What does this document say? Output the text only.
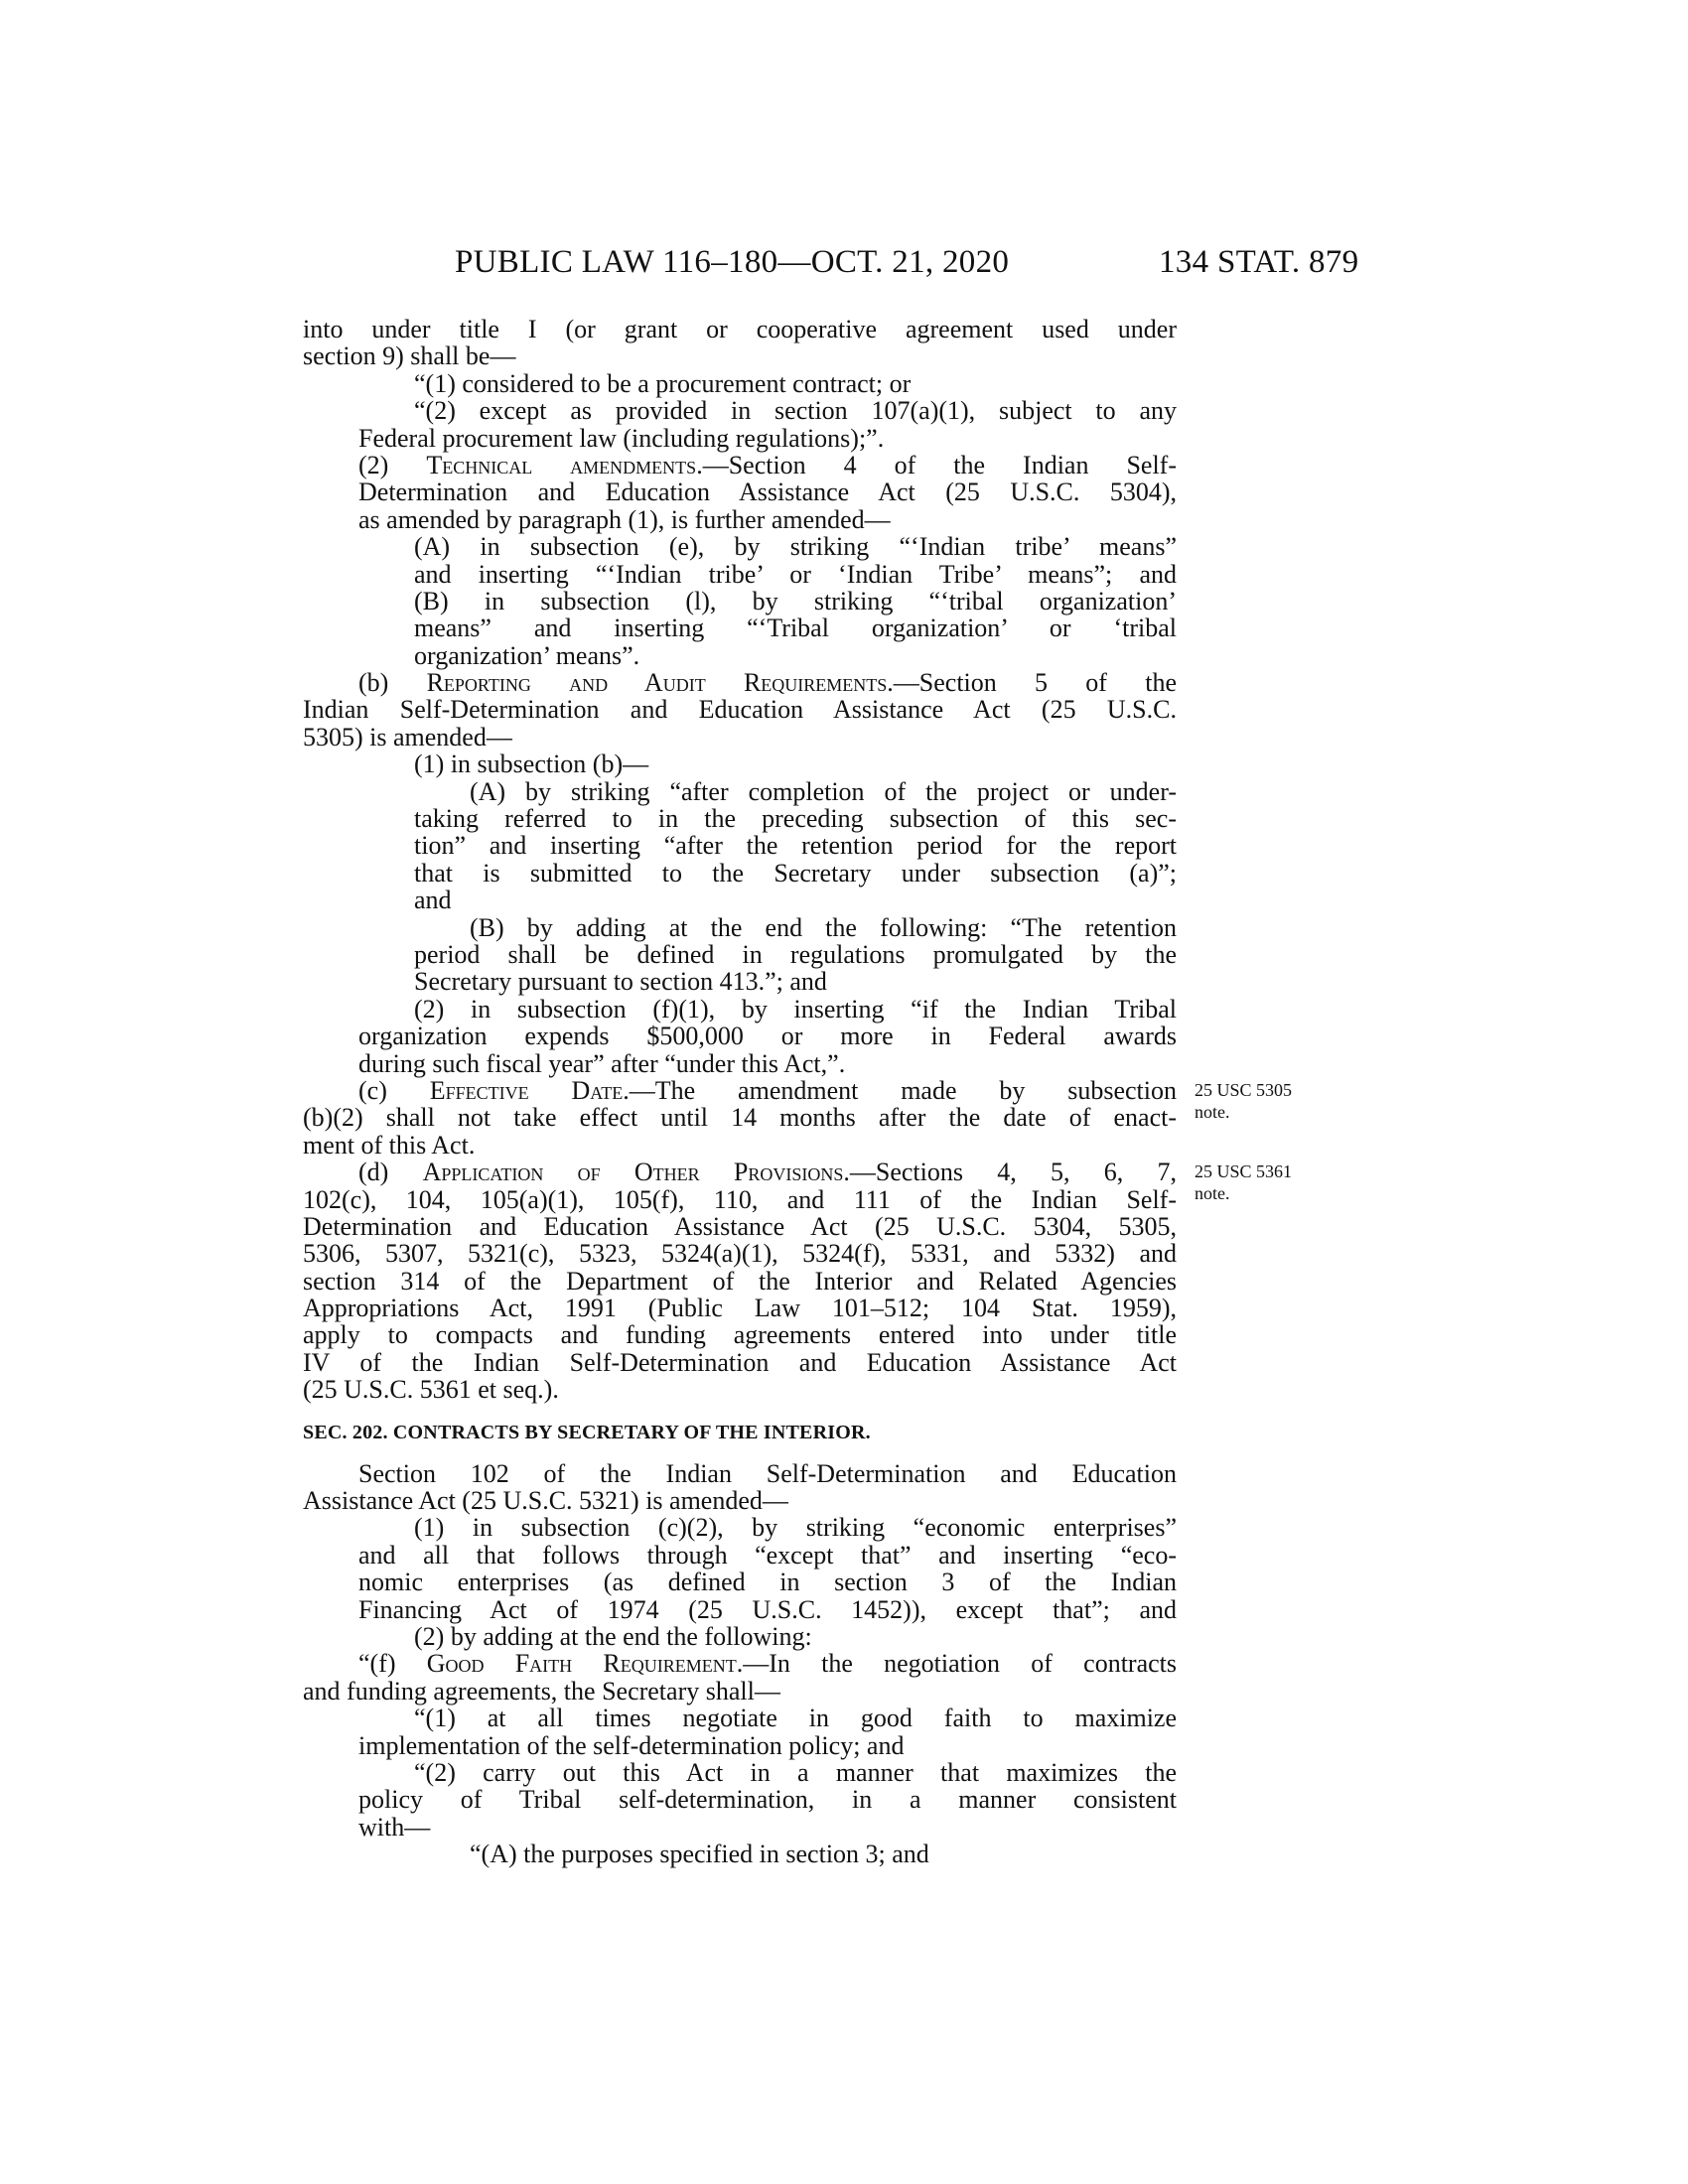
PUBLIC LAW 116–180—OCT. 21, 2020	134 STAT. 879
25 USC 5305
note.
25 USC 5361
note.
into under title I (or grant or cooperative agreement used under
section 9) shall be—
“(1) considered to be a procurement contract; or
“(2) except as provided in section 107(a)(1), subject to any
Federal procurement law (including regulations);”.
(2) Technical amendments.—Section 4 of the Indian Self-
Determination and Education Assistance Act (25 U.S.C. 5304),
as amended by paragraph (1), is further amended—
(A) in subsection (e), by striking “‘Indian tribe’ means”
and inserting “‘Indian tribe’ or ‘Indian Tribe’ means”; and
(B) in subsection (l), by striking “‘tribal organization’
means” and inserting “‘Tribal organization’ or ‘tribal
organization’ means”.
(b) Reporting and Audit Requirements.—Section 5 of the
Indian Self-Determination and Education Assistance Act (25 U.S.C.
5305) is amended—
(1) in subsection (b)—
(A) by striking “after completion of the project or under-
taking referred to in the preceding subsection of this sec-
tion” and inserting “after the retention period for the report
that is submitted to the Secretary under subsection (a)”;
and
(B) by adding at the end the following: “The retention
period shall be defined in regulations promulgated by the
Secretary pursuant to section 413.”; and
(2) in subsection (f)(1), by inserting “if the Indian Tribal
organization expends $500,000 or more in Federal awards
during such fiscal year” after “under this Act,”.
(c) Effective Date.—The amendment made by subsection
(b)(2) shall not take effect until 14 months after the date of enact-
ment of this Act.
(d) Application of Other Provisions.—Sections 4, 5, 6, 7,
102(c), 104, 105(a)(1), 105(f), 110, and 111 of the Indian Self-
Determination and Education Assistance Act (25 U.S.C. 5304, 5305,
5306, 5307, 5321(c), 5323, 5324(a)(1), 5324(f), 5331, and 5332) and
section 314 of the Department of the Interior and Related Agencies
Appropriations Act, 1991 (Public Law 101–512; 104 Stat. 1959),
apply to compacts and funding agreements entered into under title
IV of the Indian Self-Determination and Education Assistance Act
(25 U.S.C. 5361 et seq.).
SEC. 202. CONTRACTS BY SECRETARY OF THE INTERIOR.
Section 102 of the Indian Self-Determination and Education
Assistance Act (25 U.S.C. 5321) is amended—
(1) in subsection (c)(2), by striking “economic enterprises”
and all that follows through “except that” and inserting “eco-
nomic enterprises (as defined in section 3 of the Indian
Financing Act of 1974 (25 U.S.C. 1452)), except that”; and
(2) by adding at the end the following:
“(f) Good Faith Requirement.—In the negotiation of contracts
and funding agreements, the Secretary shall—
“(1) at all times negotiate in good faith to maximize
implementation of the self-determination policy; and
“(2) carry out this Act in a manner that maximizes the
policy of Tribal self-determination, in a manner consistent
with—
“(A) the purposes specified in section 3; and
